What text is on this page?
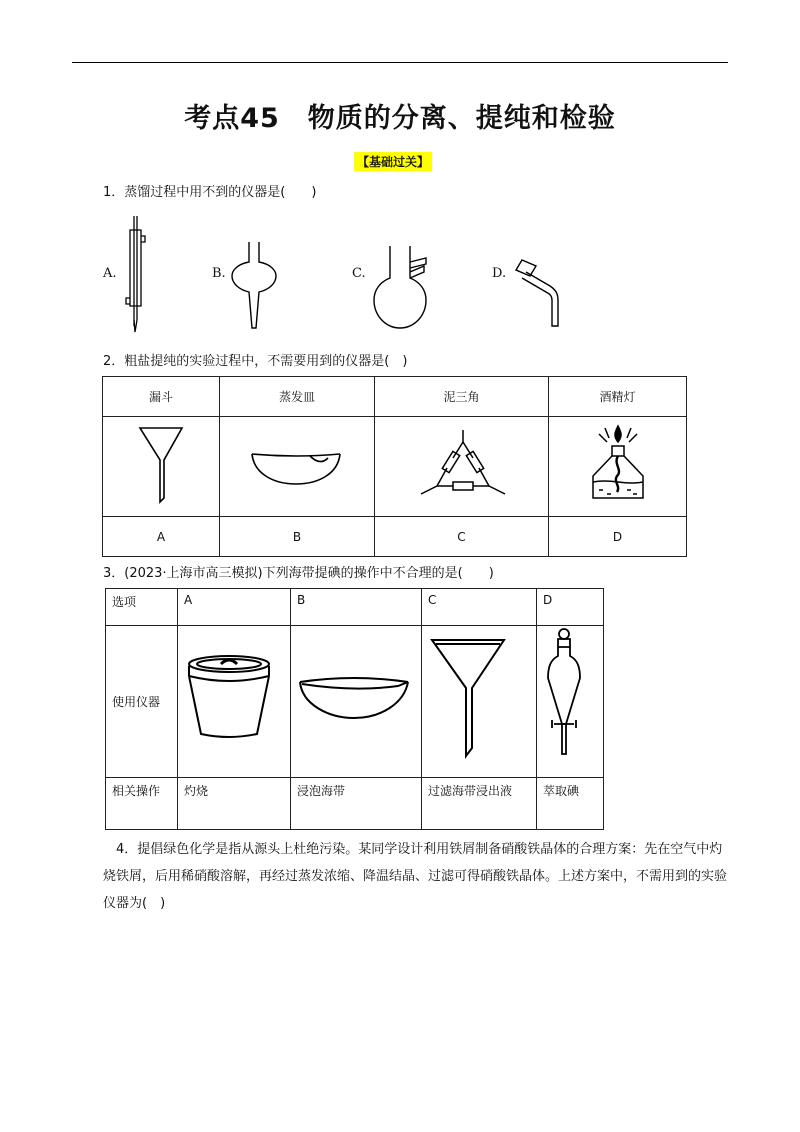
考点45　物质的分离、提纯和检验
【基础过关】
1．蒸馏过程中用不到的仪器是(　　)
A.	B.	C.	D.
2．粗盐提纯的实验过程中，不需要用到的仪器是(　)
漏斗	蒸发皿	泥三角	酒精灯

A	B	C	D
3．(2023·上海市高三模拟)下列海带提碘的操作中不合理的是(　　)
选项	A	B	C	D
使用仪器				
相关操作	灼烧	浸泡海带	过滤海带浸出液	萃取碘
4．提倡绿色化学是指从源头上杜绝污染。某同学设计利用铁屑制备硝酸铁晶体的合理方案：先在空气中灼烧铁屑，后用稀硝酸溶解，再经过蒸发浓缩、降温结晶、过滤可得硝酸铁晶体。上述方案中，不需用到的实验仪器为(　)
